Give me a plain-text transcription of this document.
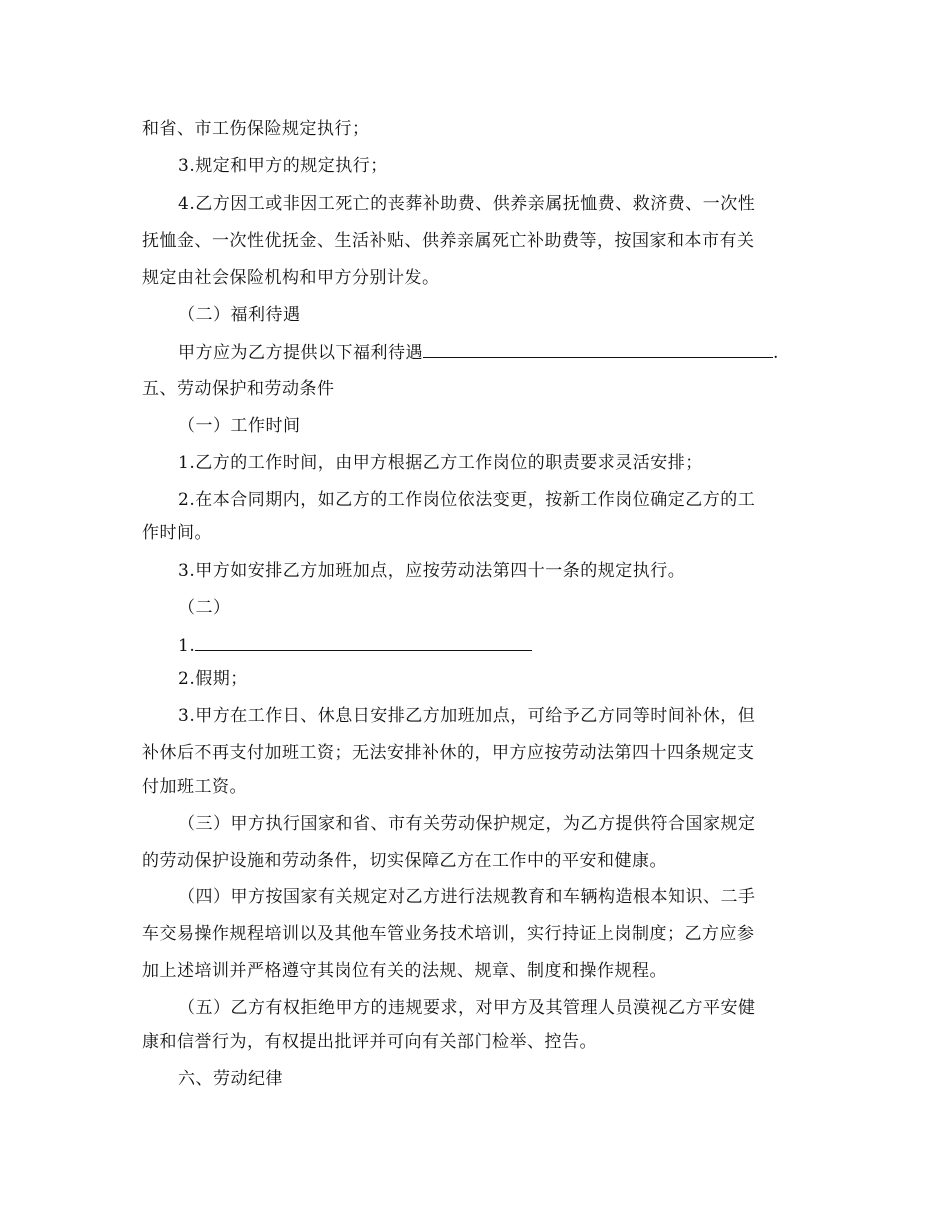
和省、市工伤保险规定执行；
3.规定和甲方的规定执行；
4.乙方因工或非因工死亡的丧葬补助费、供养亲属抚恤费、救济费、一次性
抚恤金、一次性优抚金、生活补贴、供养亲属死亡补助费等，按国家和本市有关
规定由社会保险机构和甲方分别计发。
（二）福利待遇
甲方应为乙方提供以下福利待遇	.
五、劳动保护和劳动条件
（一）工作时间
1.乙方的工作时间，由甲方根据乙方工作岗位的职责要求灵活安排；
2.在本合同期内，如乙方的工作岗位依法变更，按新工作岗位确定乙方的工
作时间。
3.甲方如安排乙方加班加点，应按劳动法第四十一条的规定执行。
（二）
1.
2.假期；
3.甲方在工作日、休息日安排乙方加班加点，可给予乙方同等时间补休，但
补休后不再支付加班工资；无法安排补休的，甲方应按劳动法第四十四条规定支
付加班工资。
（三）甲方执行国家和省、市有关劳动保护规定，为乙方提供符合国家规定
的劳动保护设施和劳动条件，切实保障乙方在工作中的平安和健康。
（四）甲方按国家有关规定对乙方进行法规教育和车辆构造根本知识、二手
车交易操作规程培训以及其他车管业务技术培训，实行持证上岗制度；乙方应参
加上述培训并严格遵守其岗位有关的法规、规章、制度和操作规程。
（五）乙方有权拒绝甲方的违规要求，对甲方及其管理人员漠视乙方平安健
康和信誉行为，有权提出批评并可向有关部门检举、控告。
六、劳动纪律
